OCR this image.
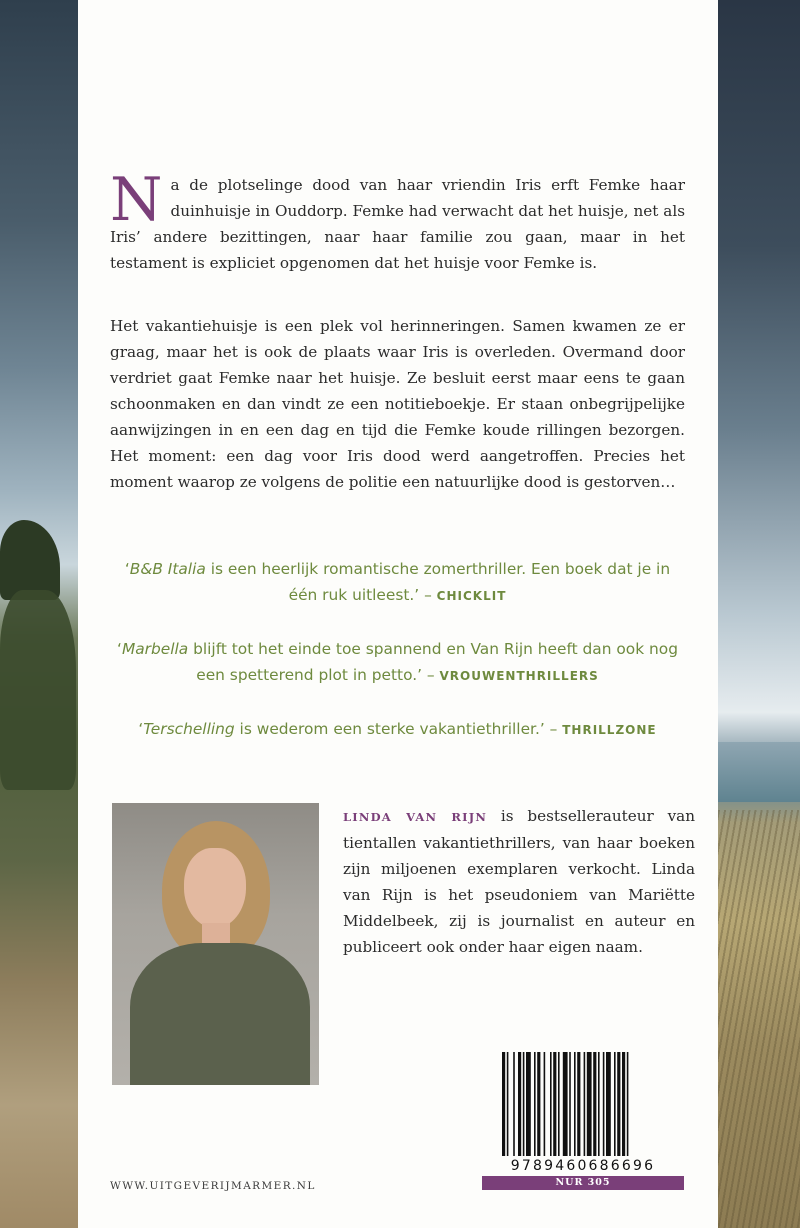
Na de plotselinge dood van haar vriendin Iris erft Femke haar duinhuisje in Ouddorp. Femke had verwacht dat het huisje, net als Iris’ andere bezittingen, naar haar familie zou gaan, maar in het testament is expliciet opgenomen dat het huisje voor Femke is.

Het vakantiehuisje is een plek vol herinneringen. Samen kwamen ze er graag, maar het is ook de plaats waar Iris is overleden. Overmand door verdriet gaat Femke naar het huisje. Ze besluit eerst maar eens te gaan schoonmaken en dan vindt ze een notitieboekje. Er staan onbegrijpelijke aanwijzingen in en een dag en tijd die Femke koude rillingen bezorgen. Het moment: een dag voor Iris dood werd aangetroffen. Precies het moment waarop ze volgens de politie een natuurlijke dood is gestorven…

‘B&B Italia is een heerlijk romantische zomerthriller. Een boek dat je in één ruk uitleest.’ – CHICKLIT

‘Marbella blijft tot het einde toe spannend en Van Rijn heeft dan ook nog een spetterend plot in petto.’ – VROUWENTHRILLERS

‘Terschelling is wederom een sterke vakantiethriller.’ – THRILLZONE

LINDA VAN RIJN is bestsellerauteur van tientallen vakantiethrillers, van haar boeken zijn miljoenen exemplaren verkocht. Linda van Rijn is het pseudoniem van Mariëtte Middelbeek, zij is journalist en auteur en publiceert ook onder haar eigen naam.

WWW.UITGEVERIJMARMER.NL
9789460686696
NUR 305
